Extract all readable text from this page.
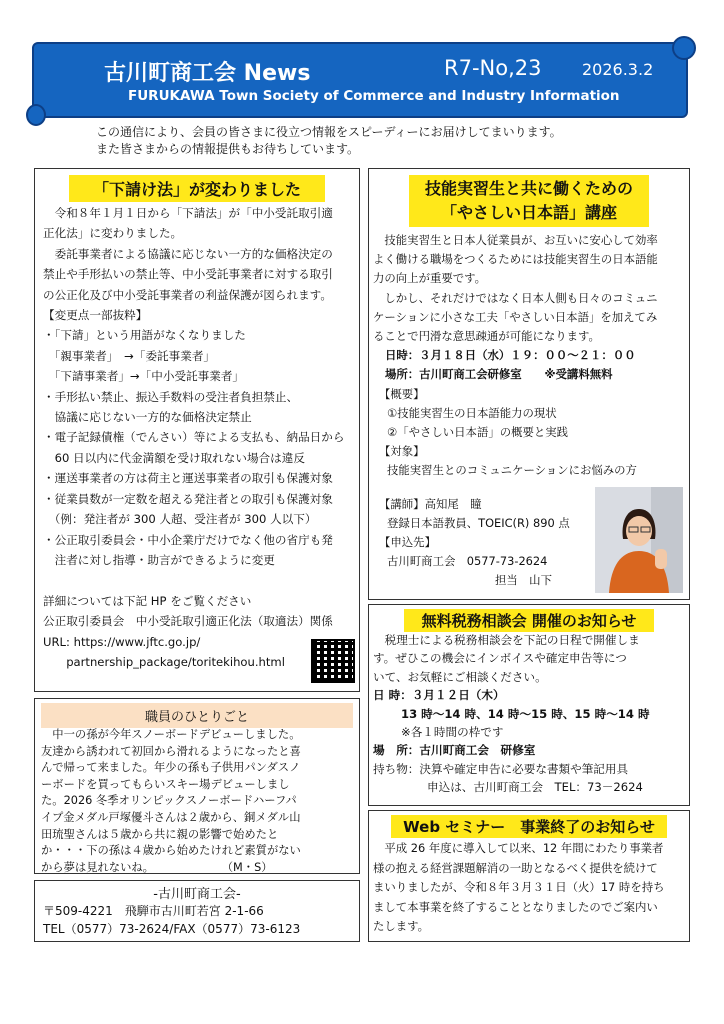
古川町商工会 News	R7-No,23	2026.3.2
FURUKAWA Town Society of Commerce and Industry Information
この通信により、会員の皆さまに役立つ情報をスピーディーにお届けしてまいります。
また皆さまからの情報提供もお待ちしています。
「下請け法」が変わりました
　令和８年１月１日から「下請法」が「中小受託取引適
正化法」に変わりました。
　委託事業者による協議に応じない一方的な価格決定の
禁止や手形払いの禁止等、中小受託事業者に対する取引
の公正化及び中小受託事業者の利益保護が図られます。
【変更点一部抜粋】
・「下請」という用語がなくなりました
　「親事業者」　→「委託事業者」
　「下請事業者」→「中小受託事業者」
・手形払い禁止、振込手数料の受注者負担禁止、
　協議に応じない一方的な価格決定禁止
・電子記録債権（でんさい）等による支払も、納品日から
　60 日以内に代金満額を受け取れない場合は違反
・運送事業者の方は荷主と運送事業者の取引も保護対象
・従業員数が一定数を超える発注者との取引も保護対象
　（例：発注者が 300 人超、受注者が 300 人以下）
・公正取引委員会・中小企業庁だけでなく他の省庁も発
　注者に対し指導・助言ができるように変更
詳細については下記 HP をご覧ください
公正取引委員会　中小受託取引適正化法（取適法）関係
URL: https://www.jftc.go.jp/
　　partnership_package/toritekihou.html
職員のひとりごと
　中一の孫が今年スノーボードデビューしました。
友達から誘われて初回から滑れるようになったと喜
んで帰って来ました。年少の孫も子供用パンダスノ
ーボードを買ってもらいスキー場デビューしまし
た。2026 冬季オリンピックスノーボードハーフパ
イプ金メダル戸塚優斗さんは２歳から、銅メダル山
田琉聖さんは５歳から共に親の影響で始めたと
か・・・下の孫は４歳から始めたけれど素質がない
から夢は見れないね。　　　　　　　（M・S）
-古川町商工会-
〒509-4221　飛騨市古川町若宮 2-1-66
TEL（0577）73-2624/FAX（0577）73-6123
技能実習生と共に働くための
「やさしい日本語」講座
　技能実習生と日本人従業員が、お互いに安心して効率
よく働ける職場をつくるためには技能実習生の日本語能
力の向上が重要です。
　しかし、それだけではなく日本人側も日々のコミュニ
ケーションに小さな工夫「やさしい日本語」を加えてみ
ることで円滑な意思疎通が可能になります。
日時：３月１８日（水）１９：００～２１：００
場所：古川町商工会研修室　　※受講料無料
【概要】
①技能実習生の日本語能力の現状
②「やさしい日本語」の概要と実践
【対象】
技能実習生とのコミュニケーションにお悩みの方
【講師】高知尾　瞳
登録日本語教員、TOEIC(R) 890 点
【申込先】
古川町商工会　0577-73-2624
担当　山下
無料税務相談会 開催のお知らせ
　税理士による税務相談会を下記の日程で開催しま
す。ぜひこの機会にインボイスや確定申告等につ
いて、お気軽にご相談ください。
日 時：３月１２日（木）
13 時～14 時、14 時～15 時、15 時～14 時
※各１時間の枠です
場　所：古川町商工会　研修室
持ち物：決算や確定申告に必要な書類や筆記用具
申込は、古川町商工会　TEL：73－2624
Web セミナー　事業終了のお知らせ
　平成 26 年度に導入して以来、12 年間にわたり事業者
様の抱える経営課題解消の一助となるべく提供を続けて
まいりましたが、令和８年３月３１日（火）17 時を持ち
まして本事業を終了することとなりましたのでご案内い
たします。
